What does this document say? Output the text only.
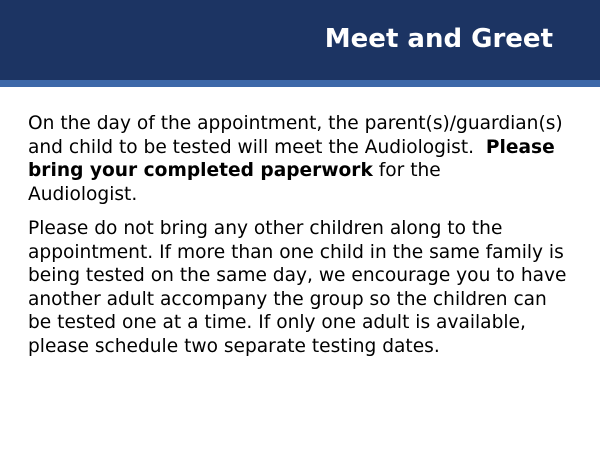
Meet and Greet

On the day of the appointment, the parent(s)/guardian(s)
and child to be tested will meet the Audiologist.  Please
bring your completed paperwork for the
Audiologist.

Please do not bring any other children along to the
appointment. If more than one child in the same family is
being tested on the same day, we encourage you to have
another adult accompany the group so the children can
be tested one at a time. If only one adult is available,
please schedule two separate testing dates.
